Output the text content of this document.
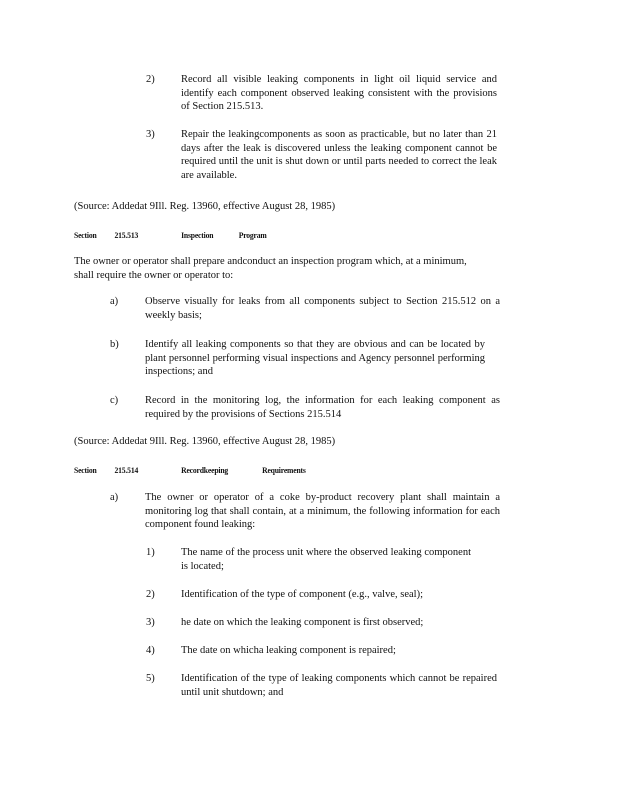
2)	Record all visible leaking components in light oil liquid service and identify each component observed leaking consistent with the provisions of Section 215.513.
3)	Repair the leakingcomponents as soon as practicable, but no later than 21 days after the leak is discovered unless the leaking component cannot be required until the unit is shut down or until parts needed to correct the leak are available.
(Source: Addedat 9Ill. Reg. 13960, effective August 28, 1985)
Section 215.513	Inspection	Program
The owner or operator shall prepare andconduct an inspection program which, at a minimum, shall require the owner or operator to:
a)	Observe visually for leaks from all components subject to Section 215.512 on a weekly basis;
b)	Identify all leaking components so that they are obvious and can be located by plant personnel performing visual inspections and Agency personnel performing inspections; and
c)	Record in the monitoring log, the information for each leaking component as required by the provisions of Sections 215.514
(Source: Addedat 9Ill. Reg. 13960, effective August 28, 1985)
Section 215.514	Recordkeeping	Requirements
a)	The owner or operator of a coke by-product recovery plant shall maintain a monitoring log that shall contain, at a minimum, the following information for each component found leaking:
1)	The name of the process unit where the observed leaking component is located;
2)	Identification of the type of component (e.g., valve, seal);
3)	he date on which the leaking component is first observed;
4)	The date on whicha leaking component is repaired;
5)	Identification of the type of leaking components which cannot be repaired until unit shutdown; and
